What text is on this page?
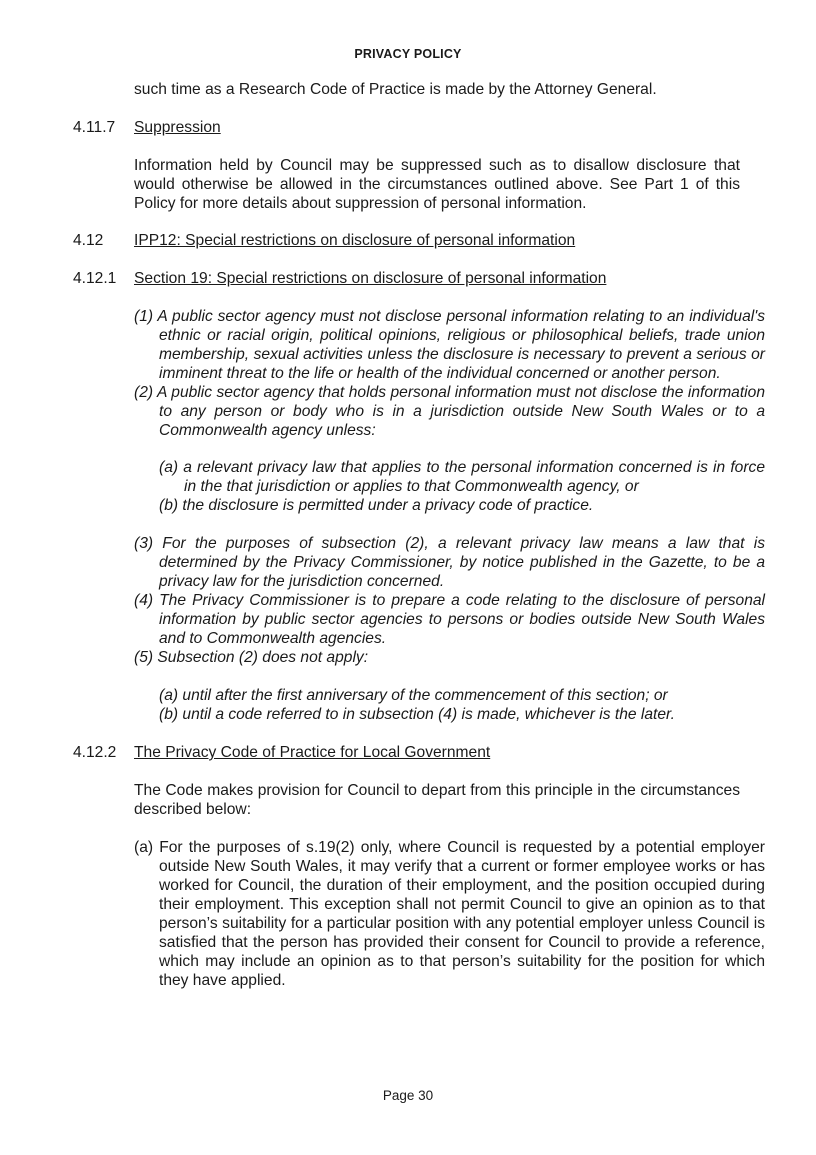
PRIVACY POLICY

such time as a Research Code of Practice is made by the Attorney General.

4.11.7 Suppression

Information held by Council may be suppressed such as to disallow disclosure that would otherwise be allowed in the circumstances outlined above. See Part 1 of this Policy for more details about suppression of personal information.

4.12 IPP12: Special restrictions on disclosure of personal information
4.12.1 Section 19: Special restrictions on disclosure of personal information
(1) A public sector agency must not disclose personal information relating to an individual's ethnic or racial origin, political opinions, religious or philosophical beliefs, trade union membership, sexual activities unless the disclosure is necessary to prevent a serious or imminent threat to the life or health of the individual concerned or another person.
(2) A public sector agency that holds personal information must not disclose the information to any person or body who is in a jurisdiction outside New South Wales or to a Commonwealth agency unless:
(a) a relevant privacy law that applies to the personal information concerned is in force in the that jurisdiction or applies to that Commonwealth agency, or
(b) the disclosure is permitted under a privacy code of practice.
(3) For the purposes of subsection (2), a relevant privacy law means a law that is determined by the Privacy Commissioner, by notice published in the Gazette, to be a privacy law for the jurisdiction concerned.
(4) The Privacy Commissioner is to prepare a code relating to the disclosure of personal information by public sector agencies to persons or bodies outside New South Wales and to Commonwealth agencies.
(5) Subsection (2) does not apply:
(a) until after the first anniversary of the commencement of this section; or
(b) until a code referred to in subsection (4) is made, whichever is the later.
4.12.2 The Privacy Code of Practice for Local Government

The Code makes provision for Council to depart from this principle in the circumstances described below:

(a) For the purposes of s.19(2) only, where Council is requested by a potential employer outside New South Wales, it may verify that a current or former employee works or has worked for Council, the duration of their employment, and the position occupied during their employment. This exception shall not permit Council to give an opinion as to that person’s suitability for a particular position with any potential employer unless Council is satisfied that the person has provided their consent for Council to provide a reference, which may include an opinion as to that person’s suitability for the position for which they have applied.
Page 30
